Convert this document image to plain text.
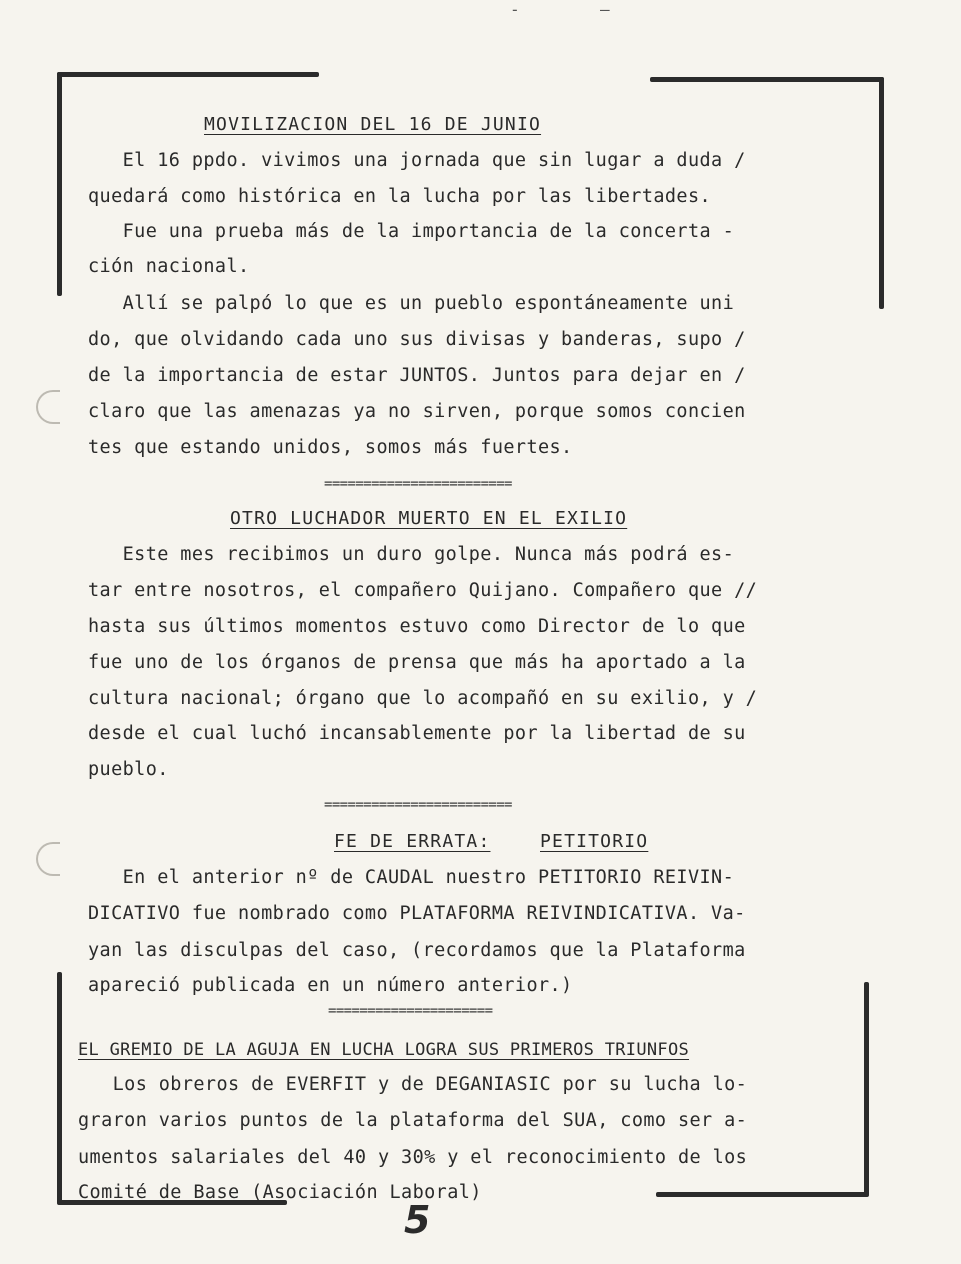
-	—
MOVILIZACION DEL 16 DE JUNIO
El 16 ppdo. vivimos una jornada que sin lugar a duda /
quedará como histórica en la lucha por las libertades.
Fue una prueba más de la importancia de la concerta -
ción nacional.
Allí se palpó lo que es un pueblo espontáneamente uni
do, que olvidando cada uno sus divisas y banderas, supo /
de la importancia de estar JUNTOS. Juntos para dejar en /
claro que las amenazas ya no sirven, porque somos concien
tes que estando unidos, somos más fuertes.
========================
OTRO LUCHADOR MUERTO EN EL EXILIO
Este mes recibimos un duro golpe. Nunca más podrá es-
tar entre nosotros, el compañero Quijano. Compañero que //
hasta sus últimos momentos estuvo como Director de lo que
fue uno de los órganos de prensa que más ha aportado a la
cultura nacional; órgano que lo acompañó en su exilio, y /
desde el cual luchó incansablemente por la libertad de su
pueblo.
========================
FE DE ERRATA:	PETITORIO
En el anterior nº de CAUDAL nuestro PETITORIO REIVIN-
DICATIVO fue nombrado como PLATAFORMA REIVINDICATIVA. Va-
yan las disculpas del caso, (recordamos que la Plataforma
apareció publicada en un número anterior.)
=====================
EL GREMIO DE LA AGUJA EN LUCHA LOGRA SUS PRIMEROS TRIUNFOS
Los obreros de EVERFIT y de DEGANIASIC por su lucha lo-
graron varios puntos de la plataforma del SUA, como ser a-
umentos salariales del 40 y 30% y el reconocimiento de los
Comité de Base (Asociación Laboral)
5
